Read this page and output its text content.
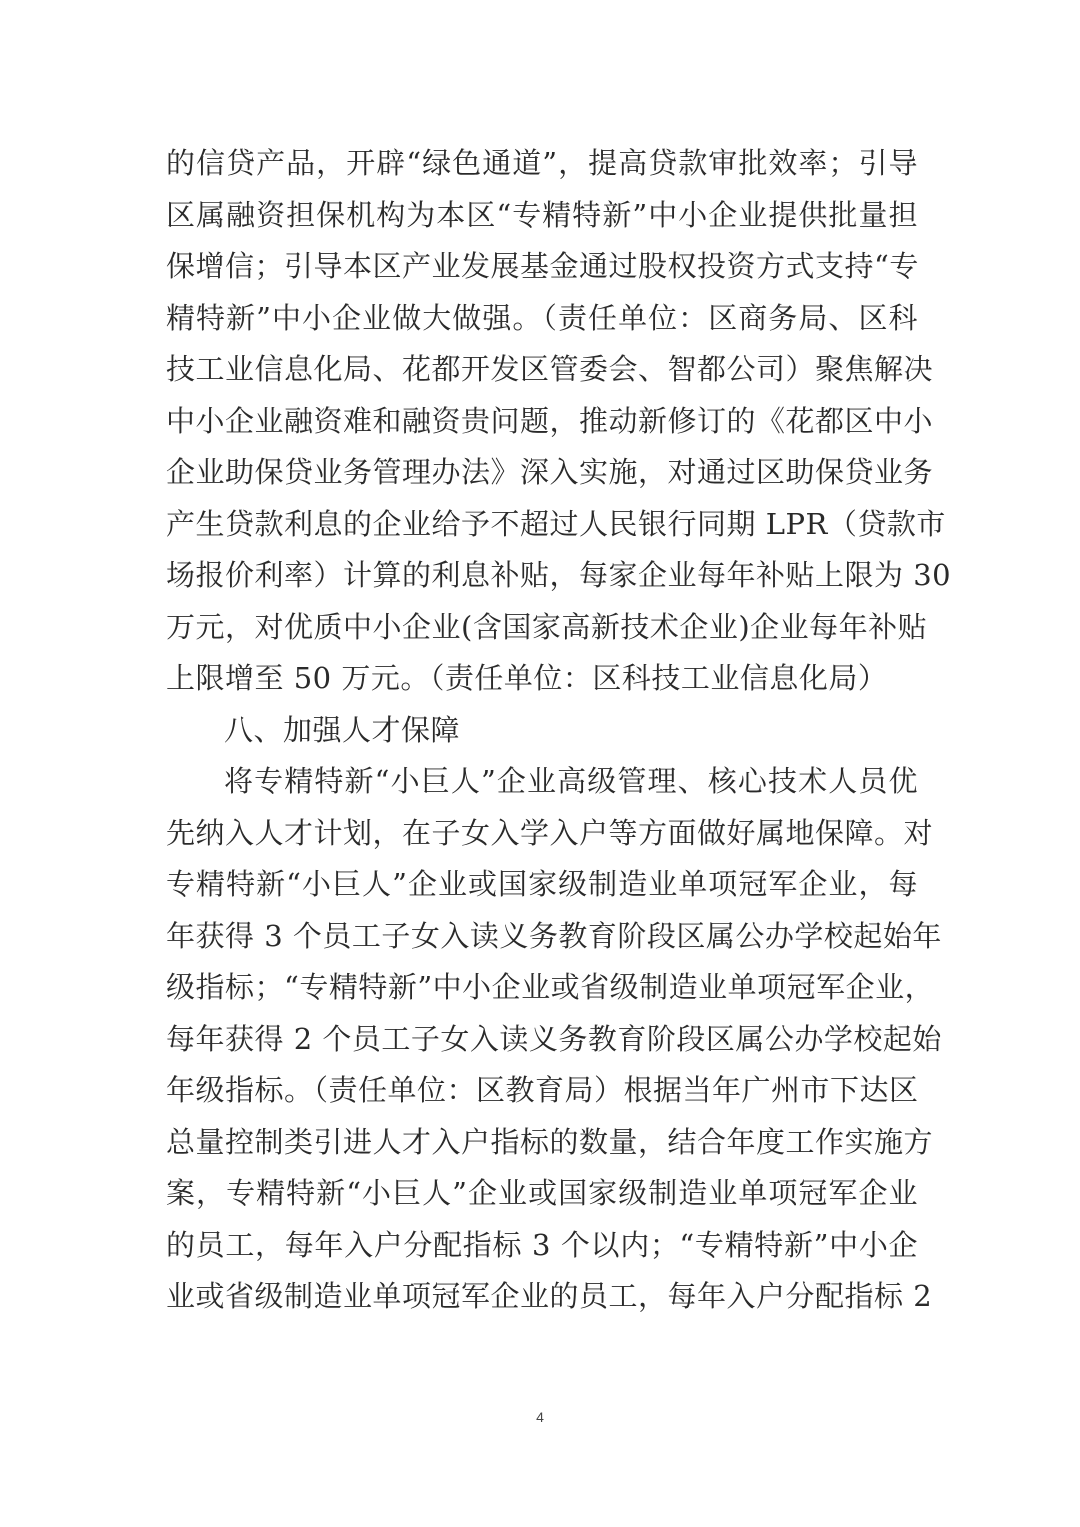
的信贷产品，开辟“绿色通道”，提高贷款审批效率；引导
区属融资担保机构为本区“专精特新”中小企业提供批量担
保增信；引导本区产业发展基金通过股权投资方式支持“专
精特新”中小企业做大做强。（责任单位：区商务局、区科
技工业信息化局、花都开发区管委会、智都公司）聚焦解决
中小企业融资难和融资贵问题，推动新修订的《花都区中小
企业助保贷业务管理办法》深入实施，对通过区助保贷业务
产生贷款利息的企业给予不超过人民银行同期 LPR（贷款市
场报价利率）计算的利息补贴，每家企业每年补贴上限为 30
万元，对优质中小企业(含国家高新技术企业)企业每年补贴
上限增至 50 万元。（责任单位：区科技工业信息化局）
八、加强人才保障
将专精特新“小巨人”企业高级管理、核心技术人员优
先纳入人才计划，在子女入学入户等方面做好属地保障。对
专精特新“小巨人”企业或国家级制造业单项冠军企业，每
年获得 3 个员工子女入读义务教育阶段区属公办学校起始年
级指标；“专精特新”中小企业或省级制造业单项冠军企业，
每年获得 2 个员工子女入读义务教育阶段区属公办学校起始
年级指标。（责任单位：区教育局）根据当年广州市下达区
总量控制类引进人才入户指标的数量，结合年度工作实施方
案，专精特新“小巨人”企业或国家级制造业单项冠军企业
的员工，每年入户分配指标 3 个以内；“专精特新”中小企
业或省级制造业单项冠军企业的员工，每年入户分配指标 2
4
